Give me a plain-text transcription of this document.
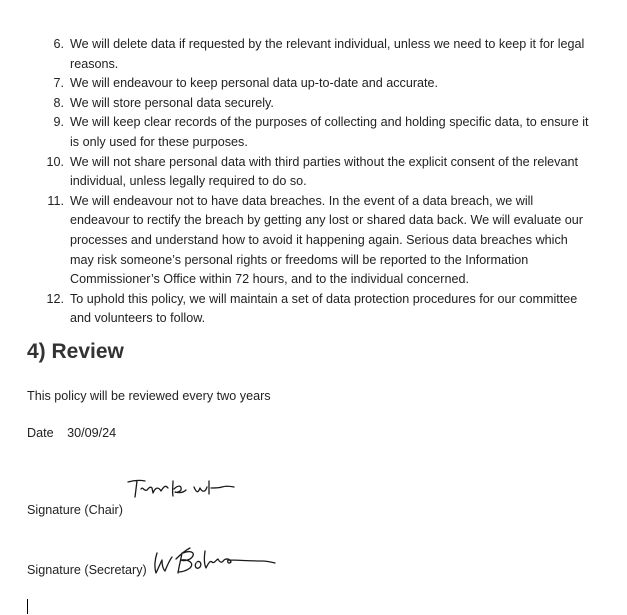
6. We will delete data if requested by the relevant individual, unless we need to keep it for legal reasons.
7. We will endeavour to keep personal data up-to-date and accurate.
8. We will store personal data securely.
9. We will keep clear records of the purposes of collecting and holding specific data, to ensure it is only used for these purposes.
10. We will not share personal data with third parties without the explicit consent of the relevant individual, unless legally required to do so.
11. We will endeavour not to have data breaches. In the event of a data breach, we will endeavour to rectify the breach by getting any lost or shared data back. We will evaluate our processes and understand how to avoid it happening again. Serious data breaches which may risk someone’s personal rights or freedoms will be reported to the Information Commissioner’s Office within 72 hours, and to the individual concerned.
12. To uphold this policy, we will maintain a set of data protection procedures for our committee and volunteers to follow.
4) Review
This policy will be reviewed every two years
Date 30/09/24
Signature (Chair)
Signature (Secretary)
